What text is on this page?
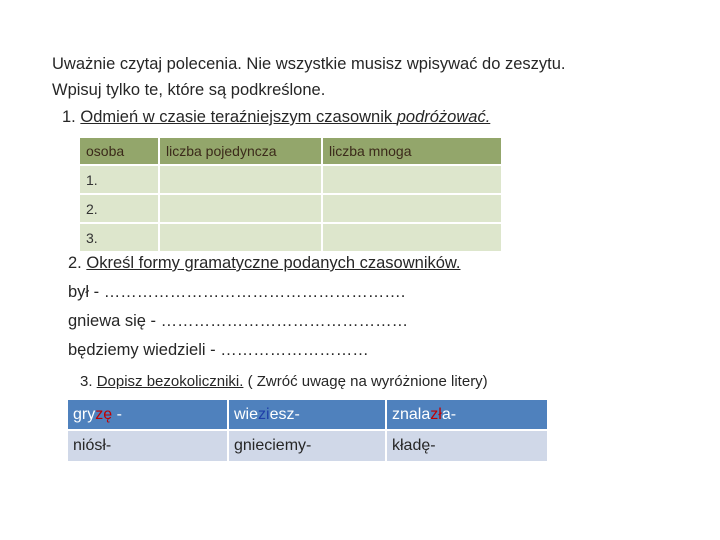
Uważnie czytaj polecenia. Nie wszystkie musisz wpisywać do zeszytu.
Wpisuj tylko te, które są podkreślone.
1. Odmień w czasie teraźniejszym czasownik podróżować.
osoba	liczba pojedyncza	liczba mnoga
1.		
2.		
3.		
2. Określ formy gramatyczne podanych czasowników.
był - ……………………………………………….
gniewa się - ………………………………………
będziemy wiedzieli - ………………………
3. Dopisz bezokoliczniki. ( Zwróć uwagę na wyróżnione litery)
gryzę -	wieziesz-	znalazła-
niósł-	gnieciemy-	kładę-
